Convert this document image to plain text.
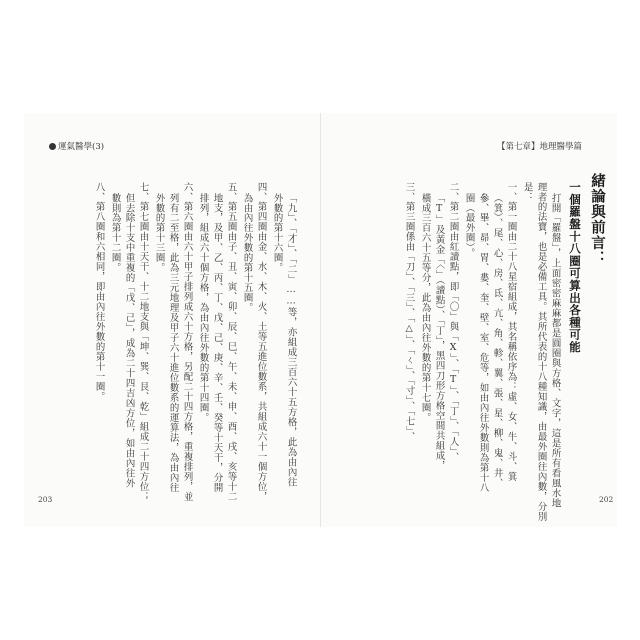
運氣醫學(3)
「九」、「才」、「二」……等，亦組成三百六十五方格，此為由內往
外數的第十六圈。
四、第四圈由金、水、木、火、土等五進位數系，共組成六十一個方位，
為由內往外數的第十五圈。
五、第五圈由子、丑、寅、卯、辰、巳、午、未、申、酉、戌、亥等十二
地支，及甲、乙、丙、丁、戊、己、庚、辛、壬、癸等十天干，分開
排列，組成六十個方格，為由內往外數的第十四圈。
六、第六圈由六十甲子排列成六十方格，另配二十四方格，重複排列，並
列有二至格，此為三元地理及甲子六十進位數系的運算法，為由內往
外數的第十三圈。
七、第七圈由十天干、十二地支與「坤、巽、艮、乾」組成二十四方位；
但去除十支中重複的「戊、己」，成為二十四吉凶方位，如由內往外
數則為第十二圈。
八、第八圈和六相同，即由內往外數的第十一圈。
203
【第七章】地理醫學篇
緒論與前言：
一個羅盤十八圈可算出各種可能
打開「羅盤」，上面密密麻麻都是圓圈與方格、文字，這是所有看風水地
理者的法寶，也是必備工具。其所代表的十八種知識，由最外圈往內數，分別
是：
一、第一圈由二十八星宿組成，其名稱依序為：虛、女、牛、斗、箕
（箕）、尾、心、房、氐、亢、角、軫、翼、張、星、柳、鬼、井、
參、畢、昴、胃、婁、奎、壁、室、危等，如由內往外數則為第十八
圈（最外圈）。
二、第二圈由紅讀點，即「〇」與「X」、「T」、「丁」、「人」、
「T」及黃金「〈」（讀點）、「丁」，黑四刀形方格空間共組成，
橫成三百六十五等分，此為由內往外數的第十七圈。
三、第三圈係由「刀」、「三」、「△」、「ㄑ」、「寸」、「七」、
202
